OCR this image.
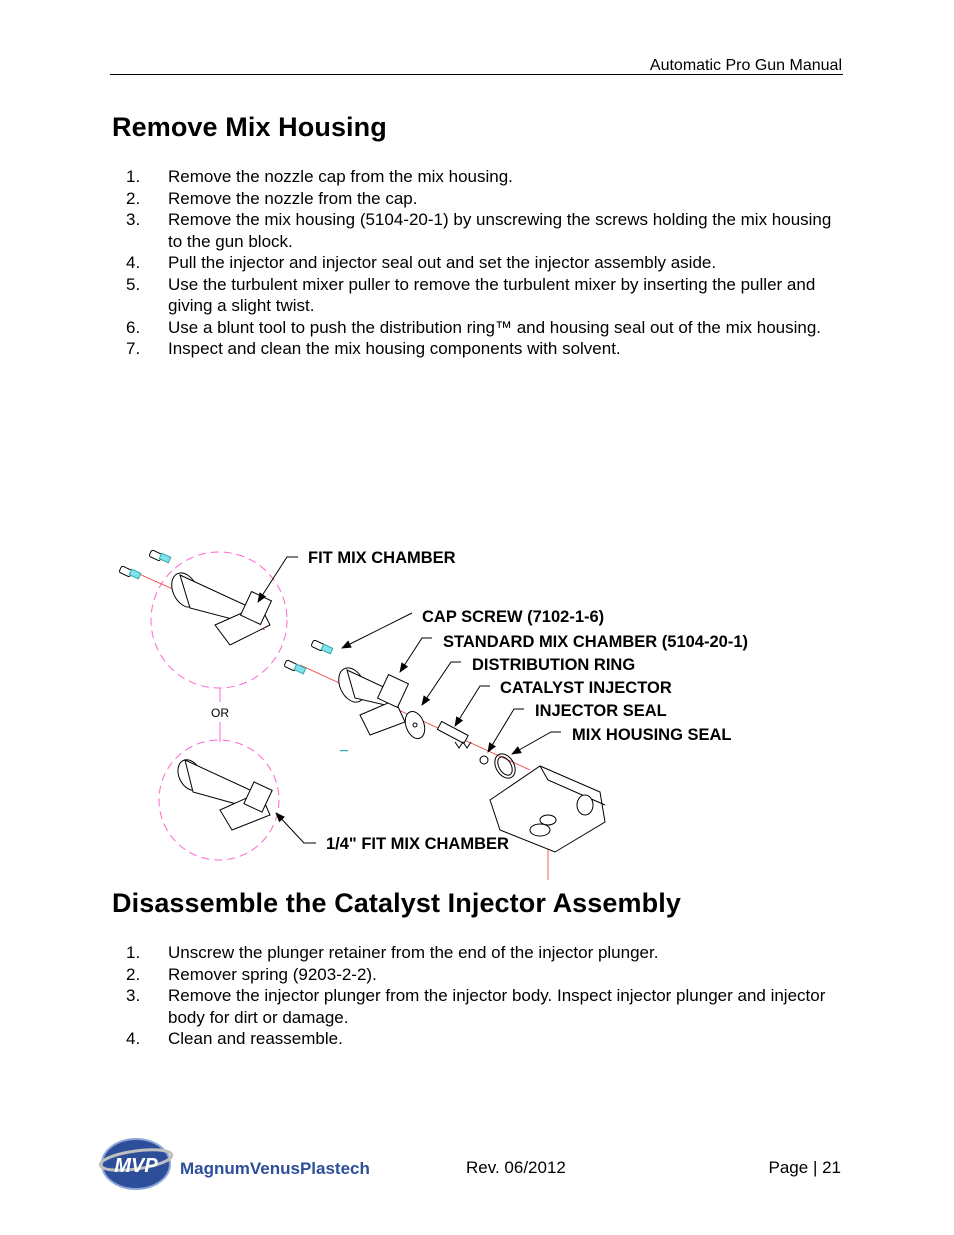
Automatic Pro Gun Manual
Remove Mix Housing
1. Remove the nozzle cap from the mix housing.
2. Remove the nozzle from the cap.
3. Remove the mix housing (5104-20-1) by unscrewing the screws holding the mix housing to the gun block.
4. Pull the injector and injector seal out and set the injector assembly aside.
5. Use the turbulent mixer puller to remove the turbulent mixer by inserting the puller and giving a slight twist.
6. Use a blunt tool to push the distribution ring™ and housing seal out of the mix housing.
7. Inspect and clean the mix housing components with solvent.
OR
FIT MIX CHAMBER
CAP SCREW (7102-1-6)
STANDARD MIX CHAMBER (5104-20-1)
DISTRIBUTION RING
CATALYST INJECTOR
INJECTOR SEAL
MIX HOUSING SEAL
1/4" FIT MIX CHAMBER
Disassemble the Catalyst Injector Assembly
1. Unscrew the plunger retainer from the end of the injector plunger.
2. Remover spring (9203-2-2).
3. Remove the injector plunger from the injector body. Inspect injector plunger and injector body for dirt or damage.
4. Clean and reassemble.
MVP MagnumVenusPlastech	Rev. 06/2012	Page | 21
